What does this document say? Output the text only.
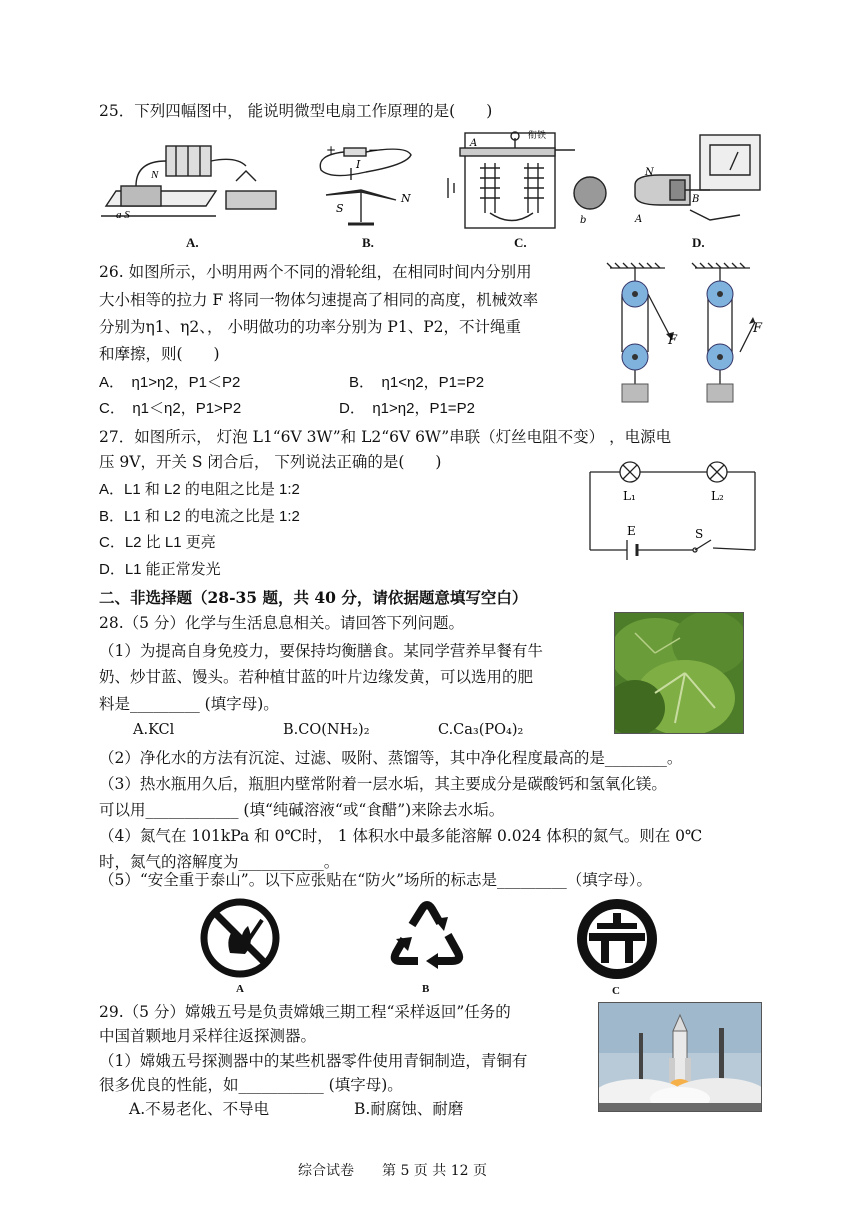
25．下列四幅图中， 能说明微型电扇工作原理的是(　　)
N
a S
A.
+	−
I
S
N
B.
衔铁
A
b
C.
N
B
A
D.
26. 如图所示，小明用两个不同的滑轮组，在相同时间内分别用
大小相等的拉力 F 将同一物体匀速提高了相同的高度，机械效率
分别为η1、η2、， 小明做功的功率分别为 P1、P2，不计绳重
和摩擦，则(　　)
A．　η1>η2，P1＜P2	B．　η1<η2，P1=P2
C．　η1＜η2，P1>P2	D．　η1>η2，P1=P2
F
F
27．如图所示， 灯泡 L1“6V 3W”和 L2“6V 6W”串联（灯丝电阻不变） ，电源电
压 9V，开关 S 闭合后， 下列说法正确的是(　　)
A．L1 和 L2 的电阻之比是 1:2
B．L1 和 L2 的电流之比是 1:2
C．L2 比 L1 更亮
D．L1 能正常发光
L₁	L₂
E	S
二、非选择题（28-35 题，共 40 分，请依据题意填写空白）
28.（5 分）化学与生活息息相关。请回答下列问题。
（1）为提高自身免疫力，要保持均衡膳食。某同学营养早餐有牛
奶、炒甘蓝、馒头。若种植甘蓝的叶片边缘发黄，可以选用的肥
料是_________ (填字母)。
A.KCl	B.CO(NH₂)₂	C.Ca₃(PO₄)₂
（2）净化水的方法有沉淀、过滤、吸附、蒸馏等，其中净化程度最高的是________。
（3）热水瓶用久后，瓶胆内壁常附着一层水垢，其主要成分是碳酸钙和氢氧化镁。
可以用____________ (填“纯碱溶液“或“食醋”)来除去水垢。
（4）氮气在 101kPa 和 0℃时， 1 体积水中最多能溶解 0.024 体积的氮气。则在 0℃
时，氮气的溶解度为___________。
（5）“安全重于泰山”。以下应张贴在“防火”场所的标志是_________（填字母）。
A	B	C
29.（5 分）嫦娥五号是负责嫦娥三期工程“采样返回”任务的
中国首颗地月采样往返探测器。
（1）嫦娥五号探测器中的某些机器零件使用青铜制造，青铜有
很多优良的性能，如___________ (填字母)。
A.不易老化、不导电	B.耐腐蚀、耐磨
综合试卷　　第 5 页 共 12 页
